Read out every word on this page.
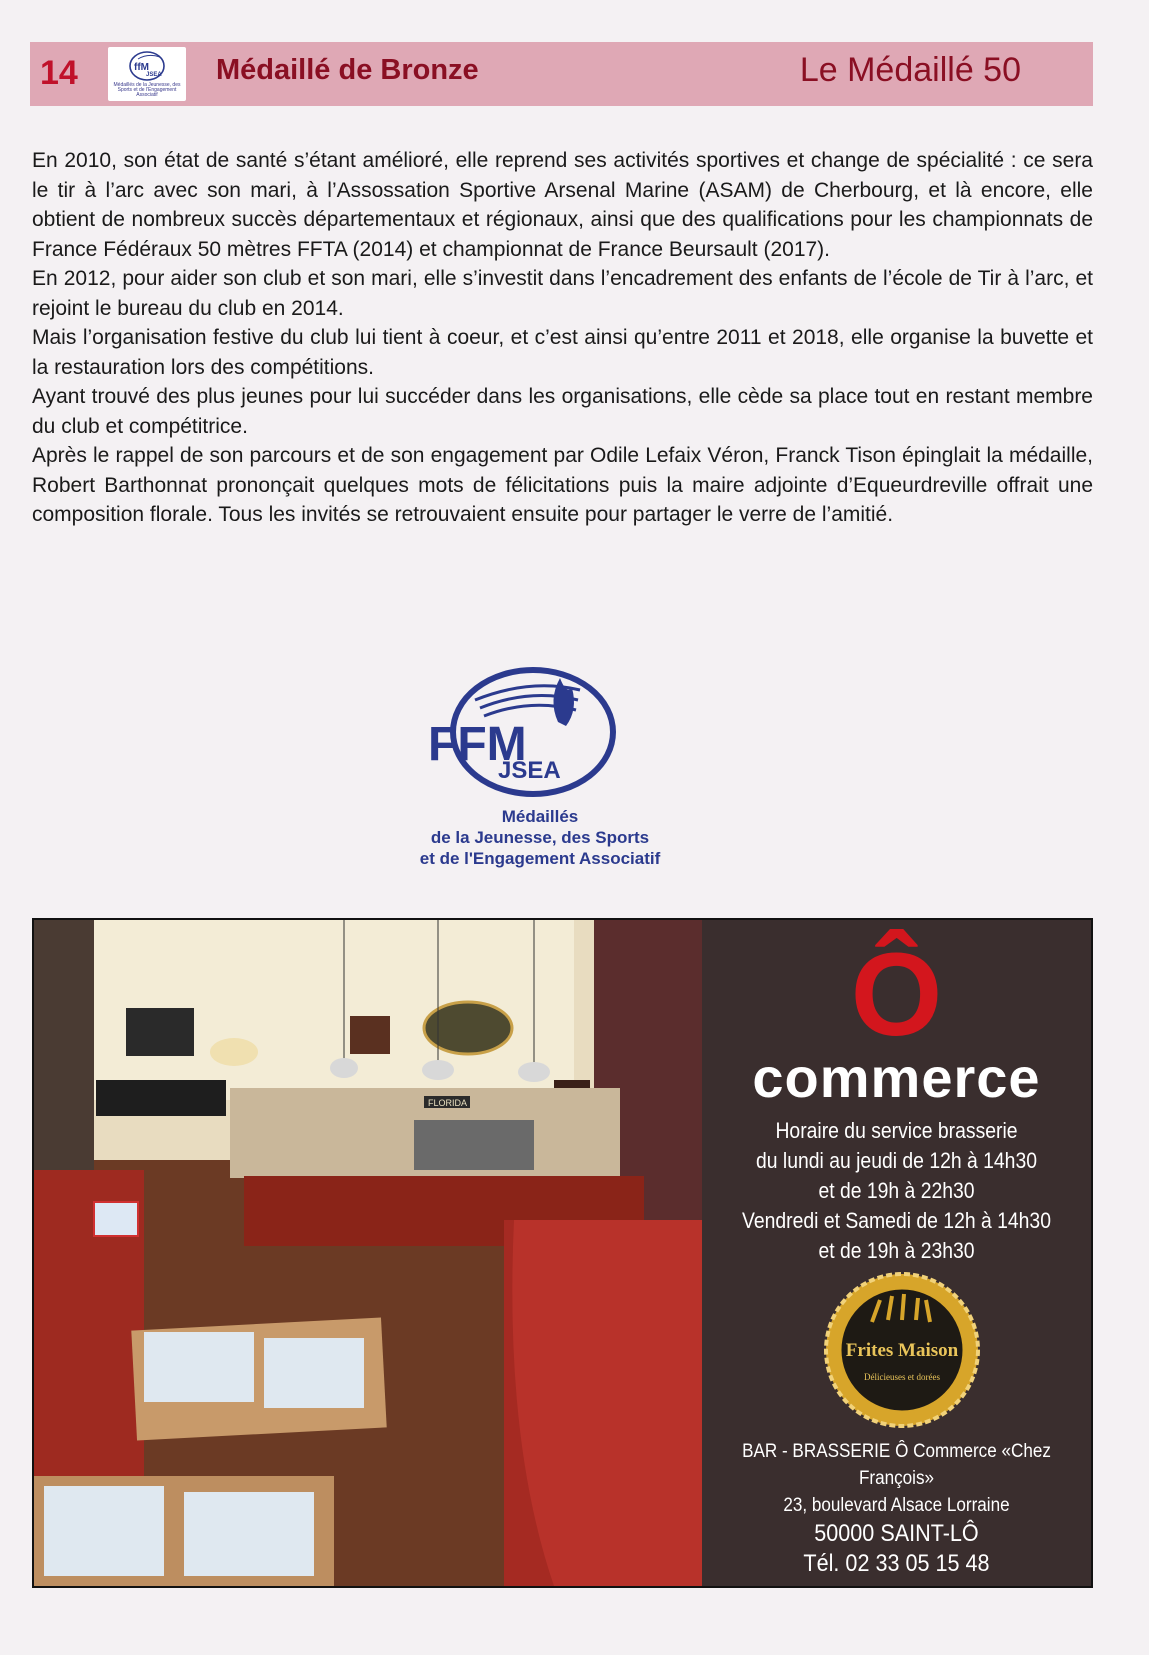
14	ffM
JSEA
Médaillés de la Jeunesse, des Sports et de l'Engagement Associatif
Médaillé de Bronze	Le Médaillé 50

En 2010, son état de santé s’étant amélioré, elle reprend ses activités sportives et change de spécialité : ce sera le tir à l’arc avec son mari, à l’Assossation Sportive Arsenal Marine (ASAM) de Cherbourg, et là encore, elle obtient de nombreux succès départementaux et régionaux, ainsi que des qualifications pour les championnats de France Fédéraux 50 mètres FFTA (2014) et championnat de France Beursault (2017).

En 2012, pour aider son club et son mari, elle s’investit dans l’encadrement des enfants de l’école de Tir à l’arc, et rejoint le bureau du club en 2014.

Mais l’organisation festive du club lui tient à coeur, et c’est ainsi qu’entre 2011 et 2018, elle organise la buvette et la restauration lors des compétitions.

Ayant trouvé des plus jeunes pour lui succéder dans les organisations, elle cède sa place tout en restant membre du club et compétitrice.

Après le rappel de son parcours et de son engagement par Odile Lefaix Véron, Franck Tison épinglait la médaille, Robert Barthonnat prononçait quelques mots de félicitations puis la maire adjointe d’Equeurdreville offrait une composition florale. Tous les invités se retrouvaient ensuite pour partager le verre de l’amitié.

FFM
JSEA
Médaillés
de la Jeunesse, des Sports
et de l'Engagement Associatif
FLORIDA
Ô
commerce
Horaire du service brasserie
du lundi au jeudi de 12h à 14h30
et de 19h à 22h30
Vendredi et Samedi de 12h à 14h30
et de 19h à 23h30
Frites Maison
Délicieuses et dorées
BAR - BRASSERIE Ô Commerce «Chez François»
23, boulevard Alsace Lorraine
50000 SAINT-LÔ
Tél. 02 33 05 15 48
